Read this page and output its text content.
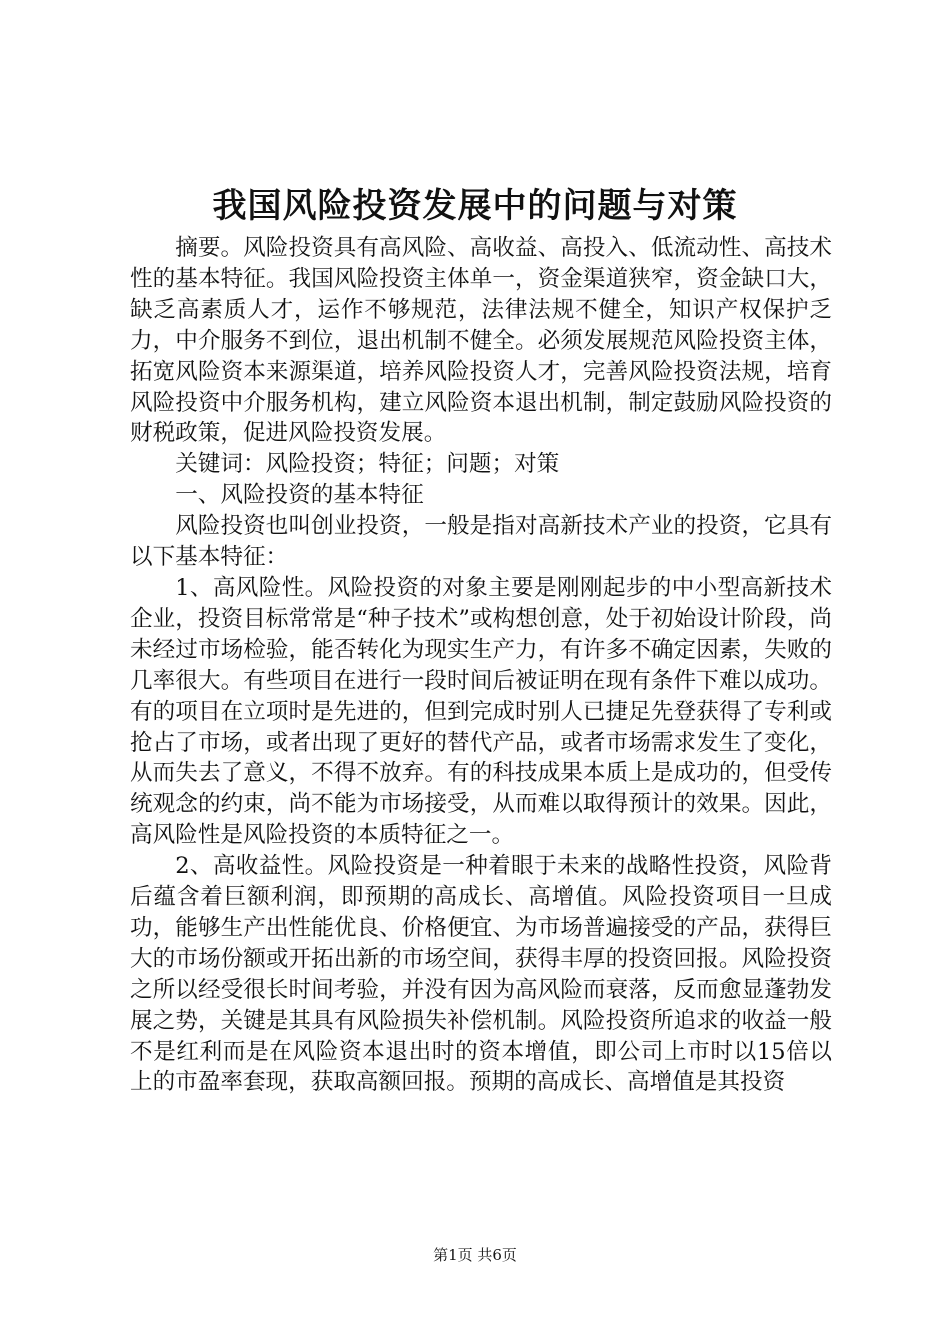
我国风险投资发展中的问题与对策

摘要。风险投资具有高风险、高收益、高投入、低流动性、高技术性的基本特征。我国风险投资主体单一，资金渠道狭窄，资金缺口大，缺乏高素质人才，运作不够规范，法律法规不健全，知识产权保护乏力，中介服务不到位，退出机制不健全。必须发展规范风险投资主体，拓宽风险资本来源渠道，培养风险投资人才，完善风险投资法规，培育风险投资中介服务机构，建立风险资本退出机制，制定鼓励风险投资的财税政策，促进风险投资发展。

关键词：风险投资；特征；问题；对策

一、风险投资的基本特征

风险投资也叫创业投资，一般是指对高新技术产业的投资，它具有以下基本特征：

1、高风险性。风险投资的对象主要是刚刚起步的中小型高新技术企业，投资目标常常是“种子技术”或构想创意，处于初始设计阶段，尚未经过市场检验，能否转化为现实生产力，有许多不确定因素，失败的几率很大。有些项目在进行一段时间后被证明在现有条件下难以成功。有的项目在立项时是先进的，但到完成时别人已捷足先登获得了专利或抢占了市场，或者出现了更好的替代产品，或者市场需求发生了变化，从而失去了意义，不得不放弃。有的科技成果本质上是成功的，但受传统观念的约束，尚不能为市场接受，从而难以取得预计的效果。因此，高风险性是风险投资的本质特征之一。

2、高收益性。风险投资是一种着眼于未来的战略性投资，风险背后蕴含着巨额利润，即预期的高成长、高增值。风险投资项目一旦成功，能够生产出性能优良、价格便宜、为市场普遍接受的产品，获得巨大的市场份额或开拓出新的市场空间，获得丰厚的投资回报。风险投资之所以经受很长时间考验，并没有因为高风险而衰落，反而愈显蓬勃发展之势，关键是其具有风险损失补偿机制。风险投资所追求的收益一般不是红利而是在风险资本退出时的资本增值，即公司上市时以15倍以上的市盈率套现，获取高额回报。预期的高成长、高增值是其投资

第1页 共6页
